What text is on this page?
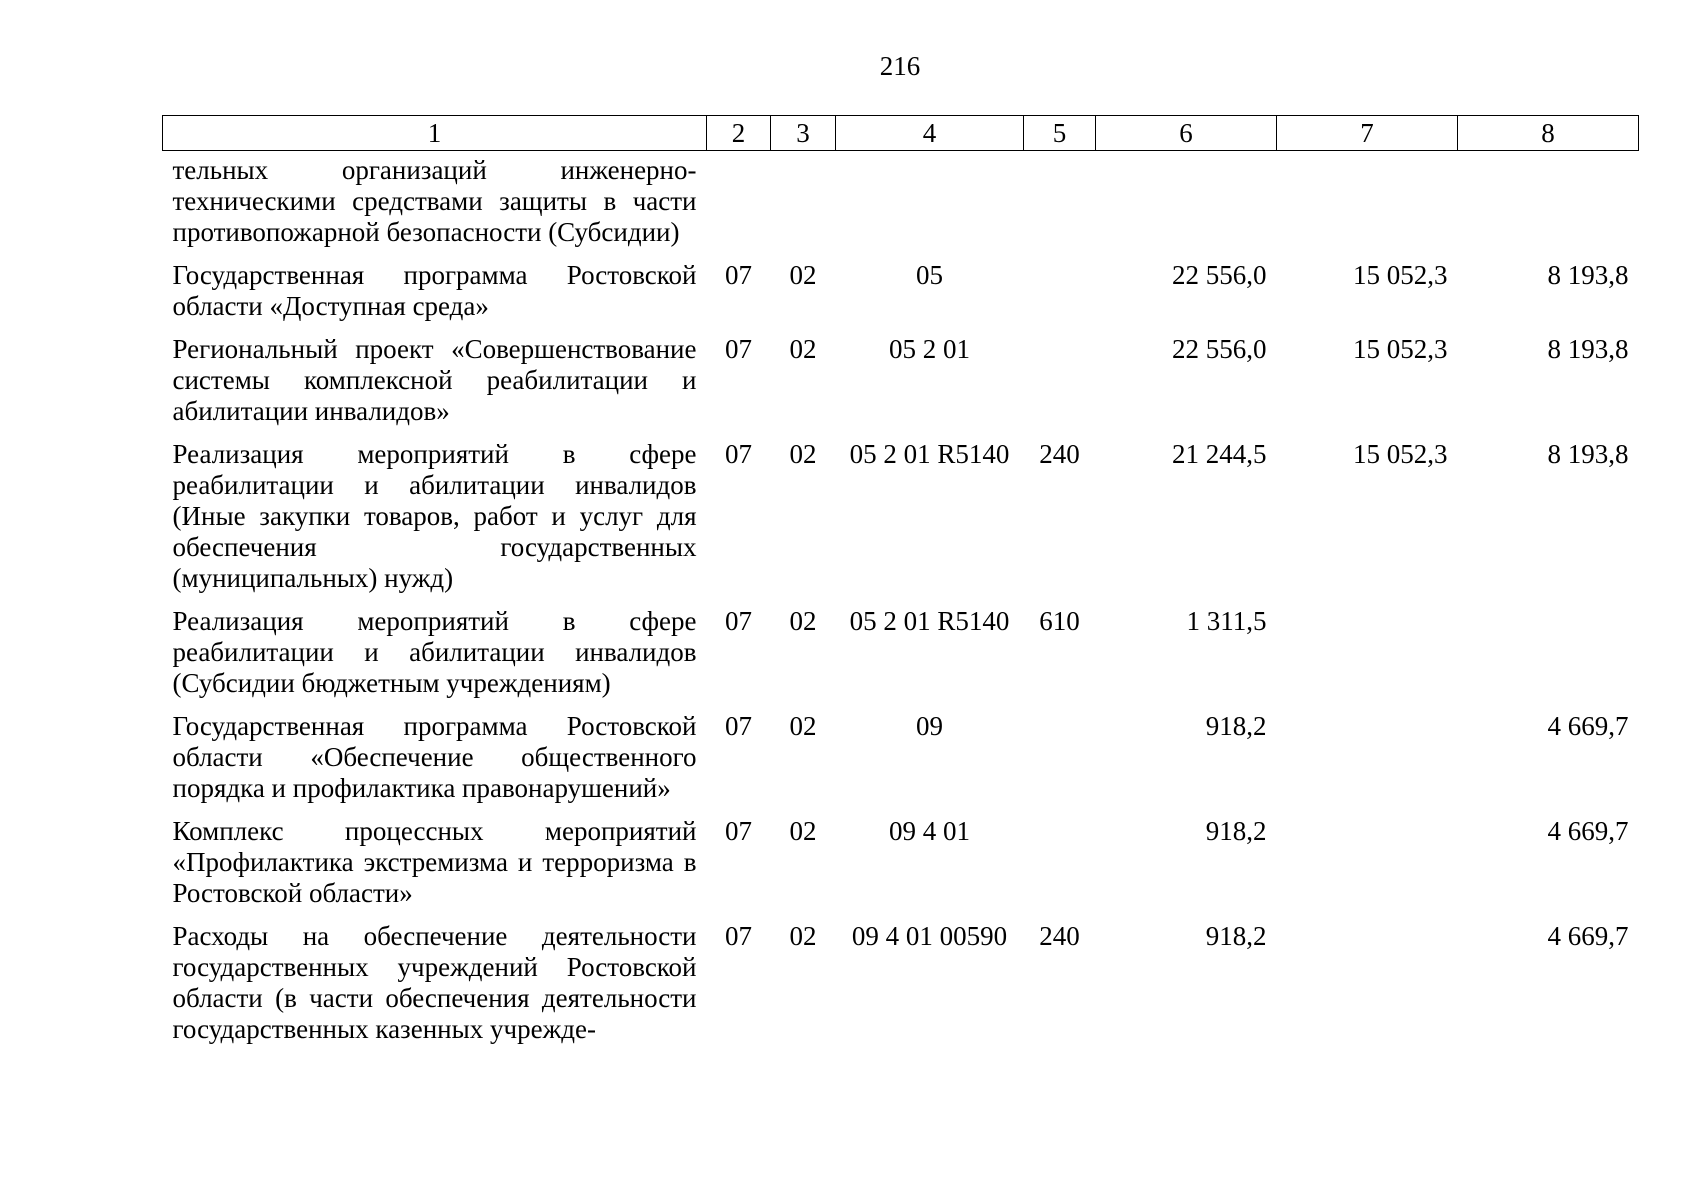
216
1	2	3	4	5	6	7	8
тельных организаций инженерно-техническими средствами защиты в части противопожарной безопасности (Субсидии)							
Государственная программа Ростовской области «Доступная среда»	07	02	05		22 556,0	15 052,3	8 193,8
Региональный проект «Совершенствование системы комплексной реабилитации и абилитации инвалидов»	07	02	05 2 01		22 556,0	15 052,3	8 193,8
Реализация мероприятий в сфере реабилитации и абилитации инвалидов (Иные закупки товаров, работ и услуг для обеспечения государственных (муниципальных) нужд)	07	02	05 2 01 R5140	240	21 244,5	15 052,3	8 193,8
Реализация мероприятий в сфере реабилитации и абилитации инвалидов (Субсидии бюджетным учреждениям)	07	02	05 2 01 R5140	610	1 311,5		
Государственная программа Ростовской области «Обеспечение общественного порядка и профилактика правонарушений»	07	02	09		918,2		4 669,7
Комплекс процессных мероприятий «Профилактика экстремизма и терроризма в Ростовской области»	07	02	09 4 01		918,2		4 669,7
Расходы на обеспечение деятельности государственных учреждений Ростовской области (в части обеспечения деятельности государственных казенных учрежде-	07	02	09 4 01 00590	240	918,2		4 669,7
